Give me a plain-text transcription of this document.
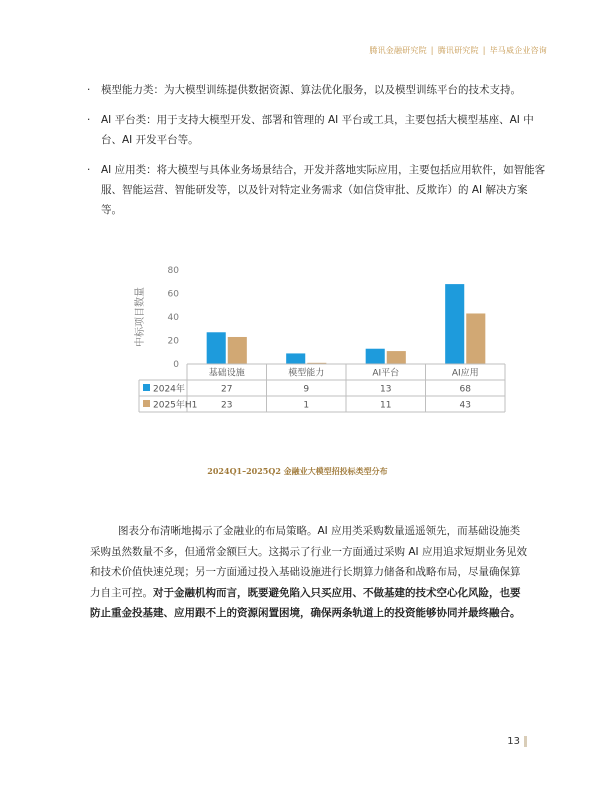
腾讯金融研究院 | 腾讯研究院 | 毕马威企业咨询
· 模型能力类：为大模型训练提供数据资源、算法优化服务，以及模型训练平台的技术支持。
· AI 平台类：用于支持大模型开发、部署和管理的 AI 平台或工具，主要包括大模型基座、AI 中台、AI 开发平台等。
· AI 应用类：将大模型与具体业务场景结合，开发并落地实际应用，主要包括应用软件，如智能客服、智能运营、智能研发等，以及针对特定业务需求（如信贷审批、反欺诈）的 AI 解决方案等。
中标项目数量
0
20
40
60
80
基础设施	模型能力	AI平台	AI应用
2024年	27	9	13	68
2025年H1	23	1	11	43
2024Q1–2025Q2 金融业大模型招投标类型分布
图表分布清晰地揭示了金融业的布局策略。AI 应用类采购数量遥遥领先，而基础设施类采购虽然数量不多，但通常金额巨大。这揭示了行业一方面通过采购 AI 应用追求短期业务见效和技术价值快速兑现；另一方面通过投入基础设施进行长期算力储备和战略布局，尽量确保算力自主可控。对于金融机构而言，既要避免陷入只买应用、不做基建的技术空心化风险，也要防止重金投基建、应用跟不上的资源闲置困境，确保两条轨道上的投资能够协同并最终融合。
13
